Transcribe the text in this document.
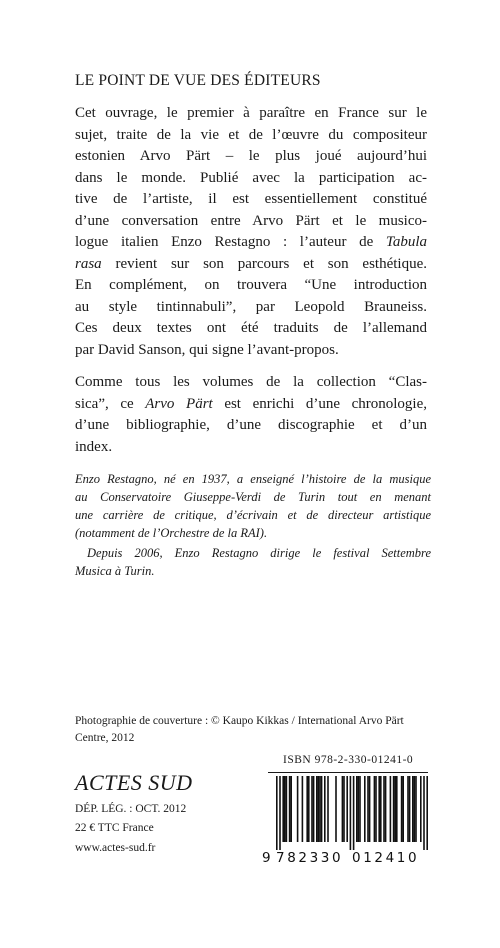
LE POINT DE VUE DES ÉDITEURS
Cet ouvrage, le premier à paraître en France sur le
sujet, traite de la vie et de l’œuvre du compositeur
estonien Arvo Pärt – le plus joué aujourd’hui
dans le monde. Publié avec la participation ac-
tive de l’artiste, il est essentiellement constitué
d’une conversation entre Arvo Pärt et le musico-
logue italien Enzo Restagno : l’auteur de Tabula
rasa revient sur son parcours et son esthétique.
En complément, on trouvera “Une introduction
au style tintinnabuli”, par Leopold Brauneiss.
Ces deux textes ont été traduits de l’allemand
par David Sanson, qui signe l’avant-propos.
Comme tous les volumes de la collection “Clas-
sica”, ce Arvo Pärt est enrichi d’une chronologie,
d’une bibliographie, d’une discographie et d’un
index.
Enzo Restagno, né en 1937, a enseigné l’histoire de la musique
au Conservatoire Giuseppe-Verdi de Turin tout en menant
une carrière de critique, d’écrivain et de directeur artistique
(notamment de l’Orchestre de la RAI).
Depuis 2006, Enzo Restagno dirige le festival Settembre
Musica à Turin.
Photographie de couverture : © Kaupo Kikkas / International Arvo Pärt
Centre, 2012
ISBN 978-2-330-01241-0
ACTES SUD
DÉP. LÉG. : OCT. 2012
22 € TTC France
www.actes-sud.fr
9 782330 012410
